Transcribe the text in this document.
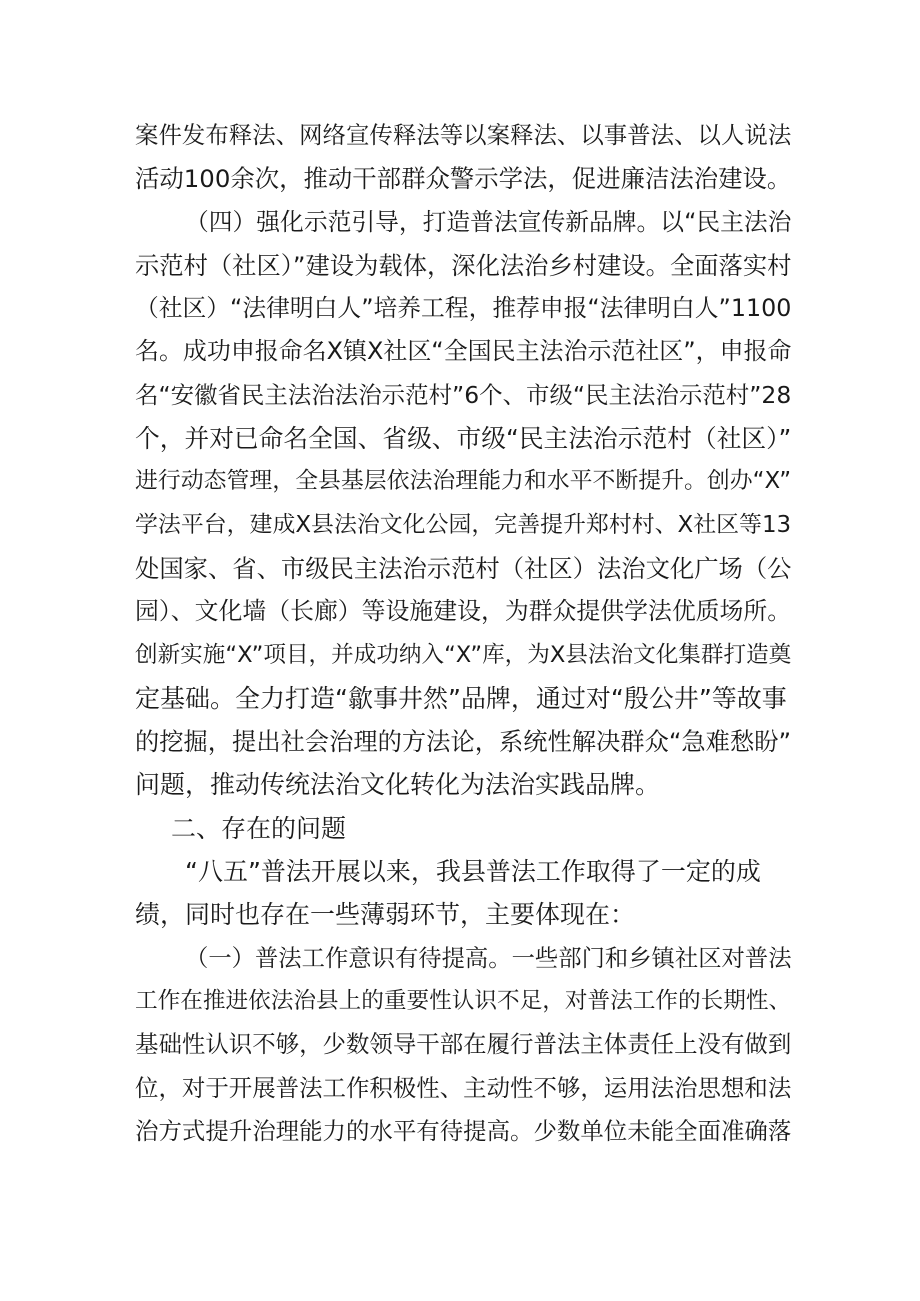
案件发布释法、网络宣传释法等以案释法、以事普法、以人说法
活动100余次，推动干部群众警示学法，促进廉洁法治建设。
（四）强化示范引导，打造普法宣传新品牌。以“民主法治
示范村（社区）”建设为载体，深化法治乡村建设。全面落实村
（社区）“法律明白人”培养工程，推荐申报“法律明白人”1100
名。成功申报命名X镇X社区“全国民主法治示范社区”，申报命
名“安徽省民主法治法治示范村”6个、市级“民主法治示范村”28
个，并对已命名全国、省级、市级“民主法治示范村（社区）”
进行动态管理，全县基层依法治理能力和水平不断提升。创办“X”
学法平台，建成X县法治文化公园，完善提升郑村村、X社区等13
处国家、省、市级民主法治示范村（社区）法治文化广场（公
园）、文化墙（长廊）等设施建设，为群众提供学法优质场所。
创新实施“X”项目，并成功纳入“X”库，为X县法治文化集群打造奠
定基础。全力打造“歙事井然”品牌，通过对“殷公井”等故事
的挖掘，提出社会治理的方法论，系统性解决群众“急难愁盼”
问题，推动传统法治文化转化为法治实践品牌。
二、存在的问题
“八五”普法开展以来，我县普法工作取得了一定的成
绩，同时也存在一些薄弱环节，主要体现在：
（一）普法工作意识有待提高。一些部门和乡镇社区对普法
工作在推进依法治县上的重要性认识不足，对普法工作的长期性、
基础性认识不够，少数领导干部在履行普法主体责任上没有做到
位，对于开展普法工作积极性、主动性不够，运用法治思想和法
治方式提升治理能力的水平有待提高。少数单位未能全面准确落
